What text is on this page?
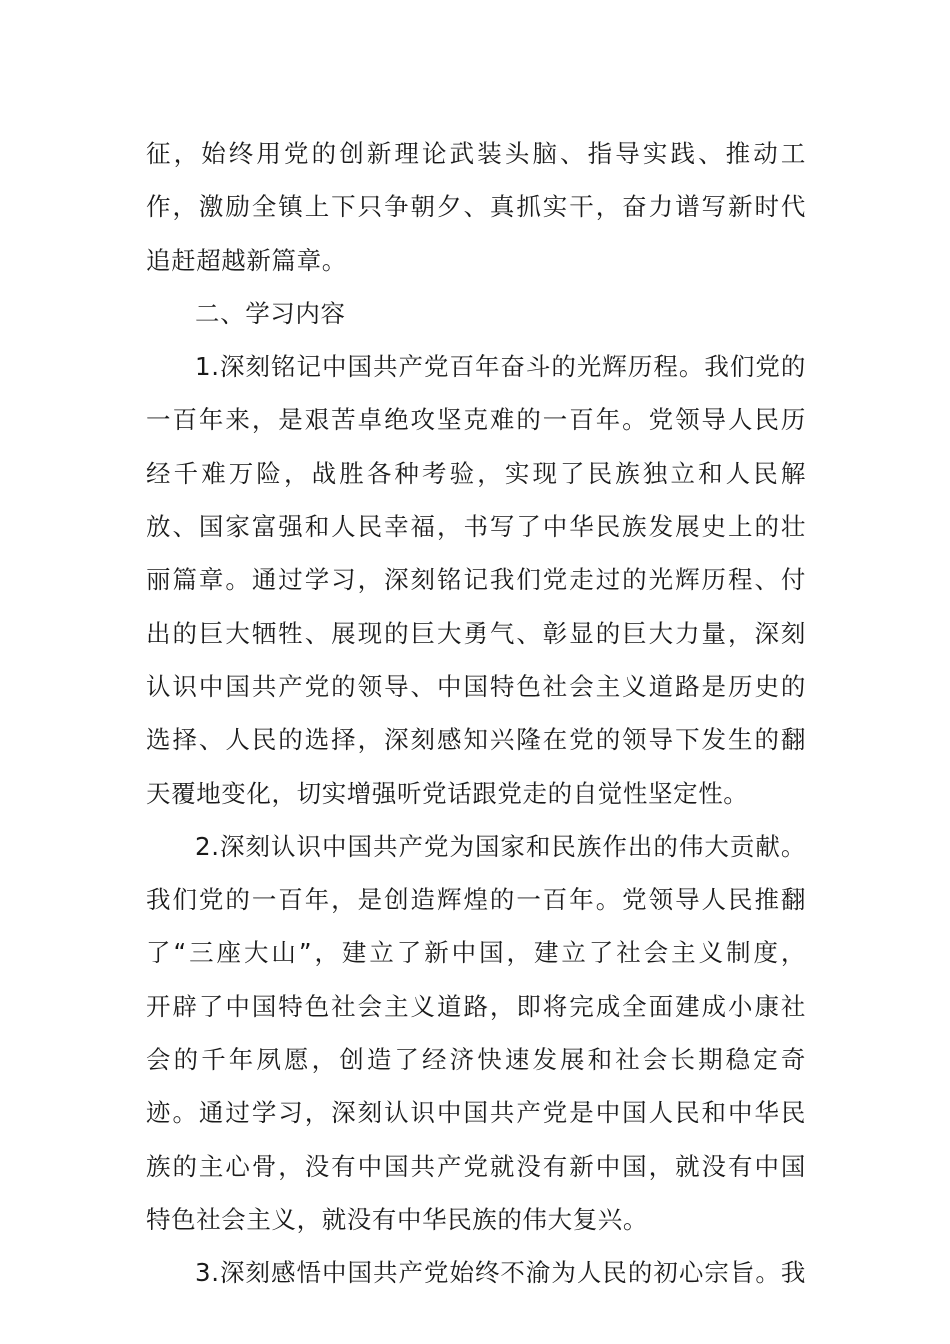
征，始终用党的创新理论武装头脑、指导实践、推动工
作，激励全镇上下只争朝夕、真抓实干，奋力谱写新时代
追赶超越新篇章。
二、学习内容
1.深刻铭记中国共产党百年奋斗的光辉历程。我们党的
一百年来，是艰苦卓绝攻坚克难的一百年。党领导人民历
经千难万险，战胜各种考验，实现了民族独立和人民解
放、国家富强和人民幸福，书写了中华民族发展史上的壮
丽篇章。通过学习，深刻铭记我们党走过的光辉历程、付
出的巨大牺牲、展现的巨大勇气、彰显的巨大力量，深刻
认识中国共产党的领导、中国特色社会主义道路是历史的
选择、人民的选择，深刻感知兴隆在党的领导下发生的翻
天覆地变化，切实增强听党话跟党走的自觉性坚定性。
2.深刻认识中国共产党为国家和民族作出的伟大贡献。
我们党的一百年，是创造辉煌的一百年。党领导人民推翻
了“三座大山”，建立了新中国，建立了社会主义制度，
开辟了中国特色社会主义道路，即将完成全面建成小康社
会的千年夙愿，创造了经济快速发展和社会长期稳定奇
迹。通过学习，深刻认识中国共产党是中国人民和中华民
族的主心骨，没有中国共产党就没有新中国，就没有中国
特色社会主义，就没有中华民族的伟大复兴。
3.深刻感悟中国共产党始终不渝为人民的初心宗旨。我
